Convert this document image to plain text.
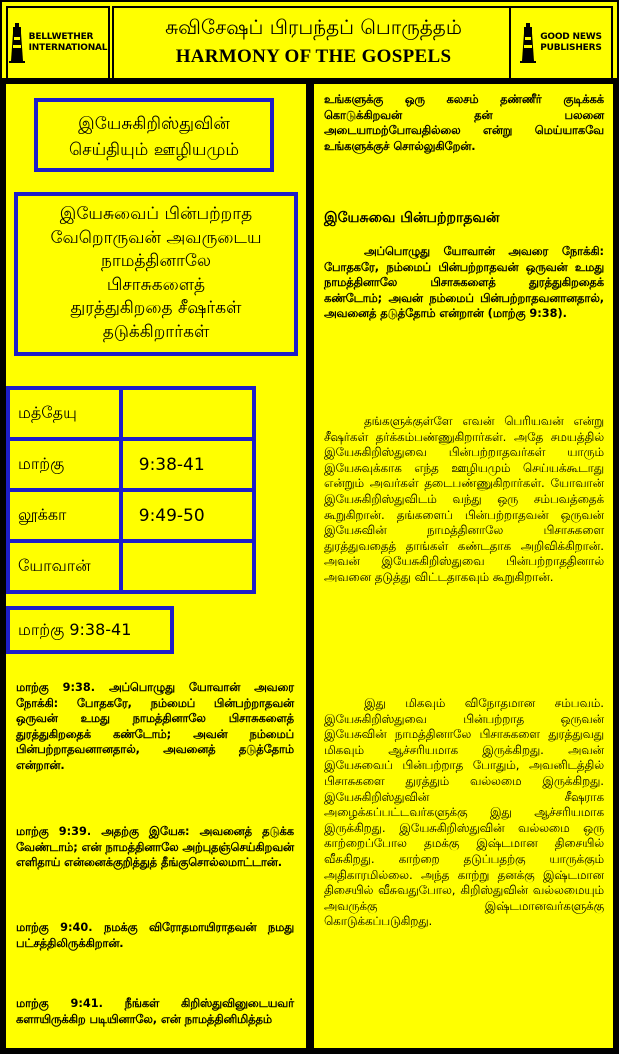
BELLWETHER
INTERNATIONAL
சுவிசேஷப் பிரபந்தப் பொருத்தம்
HARMONY OF THE GOSPELS
GOOD NEWS
PUBLISHERS
இயேசுகிறிஸ்துவின்
செய்தியும் ஊழியமும்
இயேசுவைப் பின்பற்றாத
வேறொருவன் அவருடைய
நாமத்தினாலே
பிசாசுகளைத்
துரத்துகிறதை சீஷர்கள்
தடுக்கிறார்கள்
மத்தேயு	
மாற்கு	9:38-41
லூக்கா	9:49-50
யோவான்	
மாற்கு 9:38-41
மாற்கு 9:38. அப்பொழுது யோவான் அவரை நோக்கி: போதகரே, நம்மைப் பின்பற்றாதவன் ஒருவன் உமது நாமத்தினாலே பிசாசுகளைத் துரத்துகிறதைக் கண்டோம்; அவன் நம்மைப் பின்பற்றாதவனானதால், அவனைத் தடுத்தோம் என்றான்.
மாற்கு 9:39. அதற்கு இயேசு: அவனைத் தடுக்க வேண்டாம்; என் நாமத்தினாலே அற்புதஞ்செய்கிறவன் எளிதாய் என்னைக்குறித்துத் தீங்குசொல்லமாட்டான்.
மாற்கு 9:40. நமக்கு விரோதமாயிராதவன் நமது பட்சத்திலிருக்கிறான்.
மாற்கு 9:41. நீங்கள் கிறிஸ்துவினுடையவர் களாயிருக்கிற படியினாலே, என் நாமத்தினிமித்தம்
உங்களுக்கு ஒரு கலசம் தண்ணீர் குடிக்கக் கொடுக்கிறவன் தன் பலனை அடையாமற்போவதில்லை என்று மெய்யாகவே உங்களுக்குச் சொல்லுகிறேன்.
இயேசுவை பின்பற்றாதவன்
அப்பொழுது யோவான் அவரை நோக்கி: போதகரே, நம்மைப் பின்பற்றாதவன் ஒருவன் உமது நாமத்தினாலே பிசாசுகளைத் துரத்துகிறதைக் கண்டோம்; அவன் நம்மைப் பின்பற்றாதவனானதால், அவனைத் தடுத்தோம் என்றான் (மாற்கு 9:38).
தங்களுக்குள்ளே எவன் பெரியவன் என்று சீஷர்கள் தர்க்கம்பண்ணுகிறார்கள். அதே சமயத்தில் இயேசுகிறிஸ்துவை பின்பற்றாதவர்கள் யாரும் இயேசுவுக்காக எந்த ஊழியமும் செய்யக்கூடாது என்றும் அவர்கள் தடைபண்ணுகிறார்கள். யோவான் இயேசுகிறிஸ்துவிடம் வந்து ஒரு சம்பவத்தைக் கூறுகிறான். தங்களைப் பின்பற்றாதவன் ஒருவன் இயேசுவின் நாமத்தினாலே பிசாசுகளை துரத்துவதைத் தாங்கள் கண்டதாக அறிவிக்கிறான். அவன் இயேசுகிறிஸ்துவை பின்பற்றாததினால் அவனை தடுத்து விட்டதாகவும் கூறுகிறான்.
இது மிகவும் விநோதமான சம்பவம். இயேசுகிறிஸ்துவை பின்பற்றாத ஒருவன் இயேசுவின் நாமத்தினாலே பிசாசுகளை துரத்துவது மிகவும் ஆச்சரியமாக இருக்கிறது. அவன் இயேசுவைப் பின்பற்றாத போதும், அவனிடத்தில் பிசாசுகளை துரத்தும் வல்லமை இருக்கிறது. இயேசுகிறிஸ்துவின் சீஷராக அழைக்கப்பட்டவர்களுக்கு இது ஆச்சரியமாக இருக்கிறது. இயேசுகிறிஸ்துவின் வல்லமை ஒரு காற்றைப்போல தமக்கு இஷ்டமான திசையில் வீசுகிறது. காற்றை தடுப்பதற்கு யாருக்கும் அதிகாரமில்லை. அந்த காற்று தனக்கு இஷ்டமான திசையில் வீசுவதுபோல, கிறிஸ்துவின் வல்லமையும் அவருக்கு இஷ்டமானவர்களுக்கு கொடுக்கப்படுகிறது.
